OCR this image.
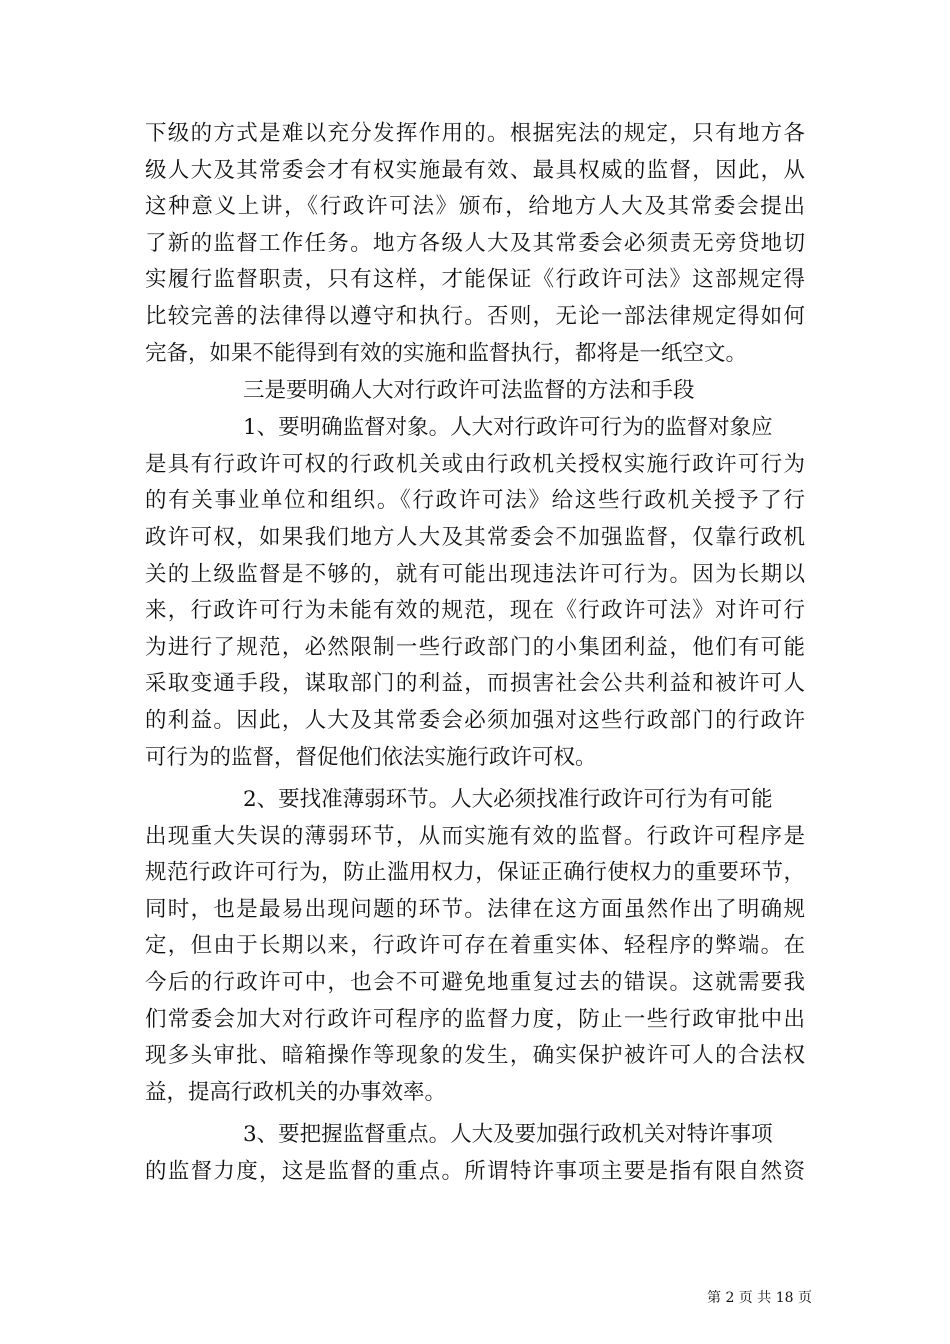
下级的方式是难以充分发挥作用的。根据宪法的规定，只有地方各
级人大及其常委会才有权实施最有效、最具权威的监督，因此，从
这种意义上讲，《行政许可法》颁布，给地方人大及其常委会提出
了新的监督工作任务。地方各级人大及其常委会必须责无旁贷地切
实履行监督职责，只有这样，才能保证《行政许可法》这部规定得
比较完善的法律得以遵守和执行。否则，无论一部法律规定得如何
完备，如果不能得到有效的实施和监督执行，都将是一纸空文。
三是要明确人大对行政许可法监督的方法和手段
1、要明确监督对象。人大对行政许可行为的监督对象应
是具有行政许可权的行政机关或由行政机关授权实施行政许可行为
的有关事业单位和组织。《行政许可法》给这些行政机关授予了行
政许可权，如果我们地方人大及其常委会不加强监督，仅靠行政机
关的上级监督是不够的，就有可能出现违法许可行为。因为长期以
来，行政许可行为未能有效的规范，现在《行政许可法》对许可行
为进行了规范，必然限制一些行政部门的小集团利益，他们有可能
采取变通手段，谋取部门的利益，而损害社会公共利益和被许可人
的利益。因此，人大及其常委会必须加强对这些行政部门的行政许
可行为的监督，督促他们依法实施行政许可权。
2、要找准薄弱环节。人大必须找准行政许可行为有可能
出现重大失误的薄弱环节，从而实施有效的监督。行政许可程序是
规范行政许可行为，防止滥用权力，保证正确行使权力的重要环节，
同时，也是最易出现问题的环节。法律在这方面虽然作出了明确规
定，但由于长期以来，行政许可存在着重实体、轻程序的弊端。在
今后的行政许可中，也会不可避免地重复过去的错误。这就需要我
们常委会加大对行政许可程序的监督力度，防止一些行政审批中出
现多头审批、暗箱操作等现象的发生，确实保护被许可人的合法权
益，提高行政机关的办事效率。
3、要把握监督重点。人大及要加强行政机关对特许事项
的监督力度，这是监督的重点。所谓特许事项主要是指有限自然资
第 2 页 共 18 页
